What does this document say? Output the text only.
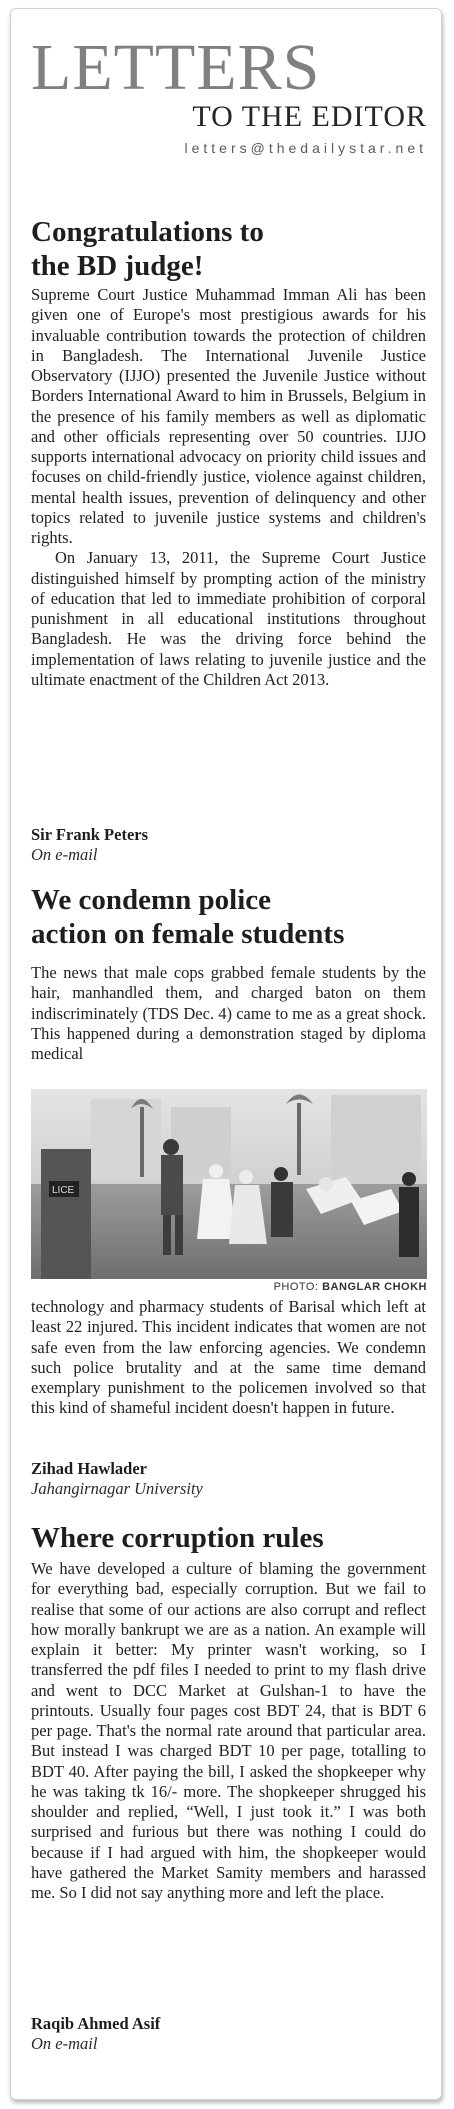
LETTERS
TO THE EDITOR
letters@thedailystar.net
Congratulations to
the BD judge!

Supreme Court Justice Muhammad Imman Ali has been given one of Europe's most prestigious awards for his invaluable contribution towards the protection of children in Bangladesh. The International Juvenile Justice Observatory (IJJO) presented the Juvenile Justice without Borders International Award to him in Brussels, Belgium in the presence of his family members as well as diplomatic and other officials representing over 50 countries. IJJO supports international advocacy on priority child issues and focuses on child-friendly justice, violence against children, mental health issues, prevention of delinquency and other topics related to juvenile justice systems and children's rights.

On January 13, 2011, the Supreme Court Justice distinguished himself by prompting action of the ministry of education that led to immediate prohibition of corporal punishment in all educational institutions throughout Bangladesh. He was the driving force behind the implementation of laws relating to juvenile justice and the ultimate enactment of the Children Act 2013.

Sir Frank Peters
On e-mail
We condemn police
action on female students

The news that male cops grabbed female students by the hair, manhandled them, and charged baton on them indiscriminately (TDS Dec. 4) came to me as a great shock. This happened during a demonstration staged by diploma medical

LICE
PHOTO: BANGLAR CHOKH

technology and pharmacy students of Barisal which left at least 22 injured. This incident indicates that women are not safe even from the law enforcing agencies. We condemn such police brutality and at the same time demand exemplary punishment to the policemen involved so that this kind of shameful incident doesn't happen in future.

Zihad Hawlader
Jahangirnagar University
Where corruption rules

We have developed a culture of blaming the government for everything bad, especially corruption. But we fail to realise that some of our actions are also corrupt and reflect how morally bankrupt we are as a nation. An example will explain it better: My printer wasn't working, so I transferred the pdf files I needed to print to my flash drive and went to DCC Market at Gulshan-1 to have the printouts. Usually four pages cost BDT 24, that is BDT 6 per page. That's the normal rate around that particular area. But instead I was charged BDT 10 per page, totalling to BDT 40. After paying the bill, I asked the shopkeeper why he was taking tk 16/- more. The shopkeeper shrugged his shoulder and replied, “Well, I just took it.” I was both surprised and furious but there was nothing I could do because if I had argued with him, the shopkeeper would have gathered the Market Samity members and harassed me. So I did not say anything more and left the place.

Raqib Ahmed Asif
On e-mail
